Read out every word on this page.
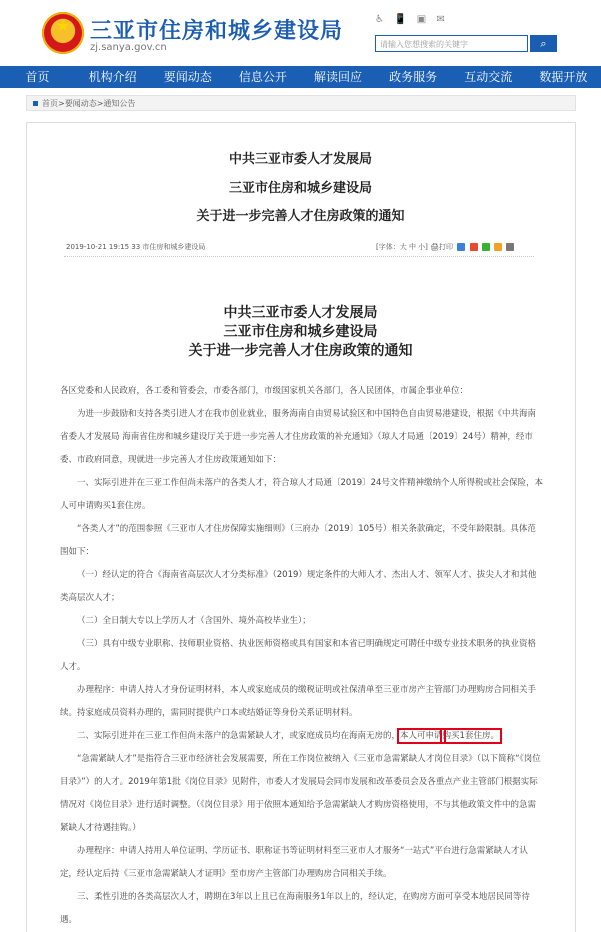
★ 三亚市住房和城乡建设局
zj.sanya.gov.cn
♿ 📱 ▣ ✉
请输入您想搜索的关键字	⌕
首页	机构介绍	要闻动态	信息公开	解读回应	政务服务	互动交流	数据开放
首页>要闻动态>通知公告
中共三亚市委人才发展局
三亚市住房和城乡建设局
关于进一步完善人才住房政策的通知
2019-10-21 19:15 33 市住房和城乡建设局	[字体：大 中 小] 🖨打印
中共三亚市委人才发展局
三亚市住房和城乡建设局
关于进一步完善人才住房政策的通知

各区党委和人民政府，各工委和管委会，市委各部门，市级国家机关各部门，各人民团体，市属企事业单位：

为进一步鼓励和支持各类引进人才在我市创业就业，服务海南自由贸易试验区和中国特色自由贸易港建设，根据《中共海南省委人才发展局 海南省住房和城乡建设厅关于进一步完善人才住房政策的补充通知》（琼人才局通〔2019〕24号）精神，经市委、市政府同意，现就进一步完善人才住房政策通知如下：

一、实际引进并在三亚工作但尚未落户的各类人才，符合琼人才局通〔2019〕24号文件精神缴纳个人所得税或社会保险，本人可申请购买1套住房。

“各类人才”的范围参照《三亚市人才住房保障实施细则》（三府办〔2019〕105号）相关条款确定，不受年龄限制。具体范围如下：

（一）经认定的符合《海南省高层次人才分类标准》（2019）规定条件的大师人才、杰出人才、领军人才、拔尖人才和其他类高层次人才；

（二）全日制大专以上学历人才（含国外、境外高校毕业生）；

（三）具有中级专业职称、技师职业资格、执业医师资格或具有国家和本省已明确规定可聘任中级专业技术职务的执业资格人才。

办理程序：申请人持人才身份证明材料，本人或家庭成员的缴税证明或社保清单至三亚市房产主管部门办理购房合同相关手续。持家庭成员资料办理的，需同时提供户口本或结婚证等身份关系证明材料。

二、实际引进并在三亚工作但尚未落户的急需紧缺人才，或家庭成员均在海南无房的，本人可申请购买1套住房。

“急需紧缺人才”是指符合三亚市经济社会发展需要，所在工作岗位被纳入《三亚市急需紧缺人才岗位目录》（以下简称“《岗位目录》”）的人才。2019年第1批《岗位目录》见附件，市委人才发展局会同市发展和改革委员会及各重点产业主管部门根据实际情况对《岗位目录》进行适时调整。（《岗位目录》用于依照本通知给予急需紧缺人才购房资格使用，不与其他政策文件中的急需紧缺人才待遇挂钩。）

办理程序：申请人持用人单位证明、学历证书、职称证书等证明材料至三亚市人才服务“一站式”平台进行急需紧缺人才认定，经认定后持《三亚市急需紧缺人才证明》至市房产主管部门办理购房合同相关手续。

三、柔性引进的各类高层次人才，聘期在3年以上且已在海南服务1年以上的，经认定，在购房方面可享受本地居民同等待遇。
